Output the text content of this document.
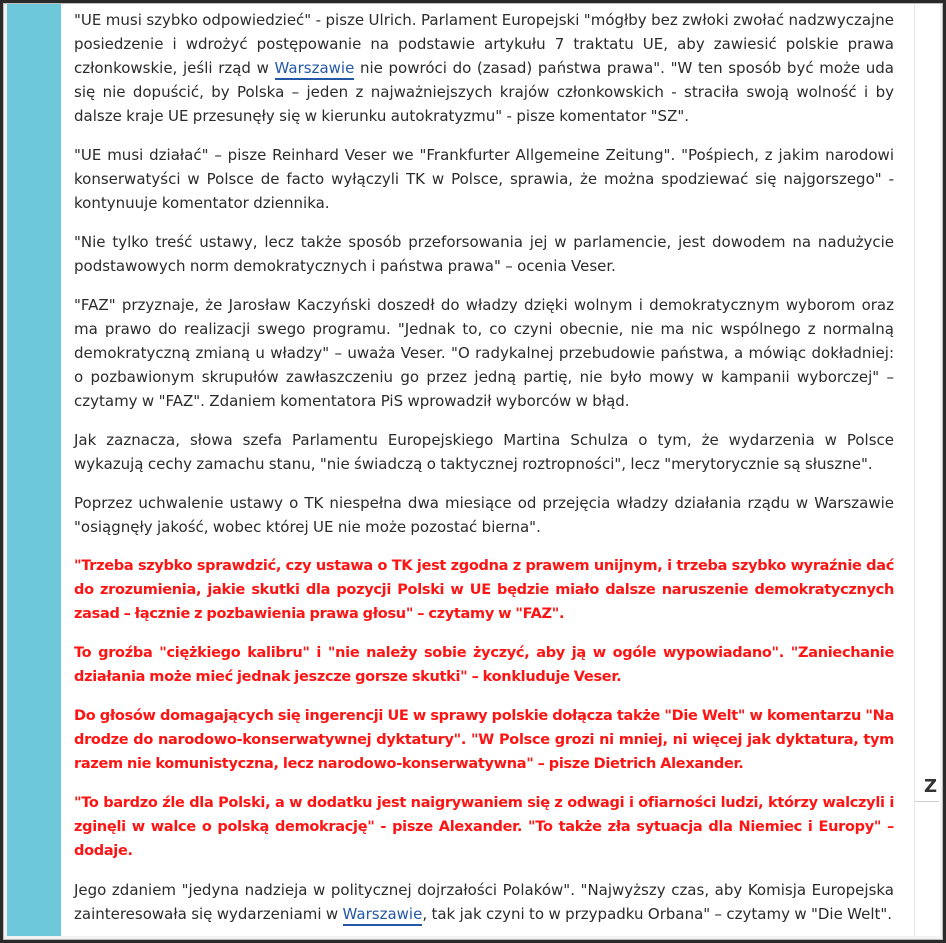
"UE musi szybko odpowiedzieć" - pisze Ulrich. Parlament Europejski "mógłby bez zwłoki zwołać nadzwyczajne posiedzenie i wdrożyć postępowanie na podstawie artykułu 7 traktatu UE, aby zawiesić polskie prawa członkowskie, jeśli rząd w Warszawie nie powróci do (zasad) państwa prawa". "W ten sposób być może uda się nie dopuścić, by Polska – jeden z najważniejszych krajów członkowskich - straciła swoją wolność i by dalsze kraje UE przesunęły się w kierunku autokratyzmu" - pisze komentator "SZ".

"UE musi działać" – pisze Reinhard Veser we "Frankfurter Allgemeine Zeitung". "Pośpiech, z jakim narodowi konserwatyści w Polsce de facto wyłączyli TK w Polsce, sprawia, że można spodziewać się najgorszego" - kontynuuje komentator dziennika.

"Nie tylko treść ustawy, lecz także sposób przeforsowania jej w parlamencie, jest dowodem na nadużycie podstawowych norm demokratycznych i państwa prawa" – ocenia Veser.

"FAZ" przyznaje, że Jarosław Kaczyński doszedł do władzy dzięki wolnym i demokratycznym wyborom oraz ma prawo do realizacji swego programu. "Jednak to, co czyni obecnie, nie ma nic wspólnego z normalną demokratyczną zmianą u władzy" – uważa Veser. "O radykalnej przebudowie państwa, a mówiąc dokładniej: o pozbawionym skrupułów zawłaszczeniu go przez jedną partię, nie było mowy w kampanii wyborczej" – czytamy w "FAZ". Zdaniem komentatora PiS wprowadził wyborców w błąd.

Jak zaznacza, słowa szefa Parlamentu Europejskiego Martina Schulza o tym, że wydarzenia w Polsce wykazują cechy zamachu stanu, "nie świadczą o taktycznej roztropności", lecz "merytorycznie są słuszne".

Poprzez uchwalenie ustawy o TK niespełna dwa miesiące od przejęcia władzy działania rządu w Warszawie "osiągnęły jakość, wobec której UE nie może pozostać bierna".

"Trzeba szybko sprawdzić, czy ustawa o TK jest zgodna z prawem unijnym, i trzeba szybko wyraźnie dać do zrozumienia, jakie skutki dla pozycji Polski w UE będzie miało dalsze naruszenie demokratycznych zasad – łącznie z pozbawienia prawa głosu" – czytamy w "FAZ".

To groźba "ciężkiego kalibru" i "nie należy sobie życzyć, aby ją w ogóle wypowiadano". "Zaniechanie działania może mieć jednak jeszcze gorsze skutki" – konkluduje Veser.

Do głosów domagających się ingerencji UE w sprawy polskie dołącza także "Die Welt" w komentarzu "Na drodze do narodowo-konserwatywnej dyktatury". "W Polsce grozi ni mniej, ni więcej jak dyktatura, tym razem nie komunistyczna, lecz narodowo-konserwatywna" – pisze Dietrich Alexander.

"To bardzo źle dla Polski, a w dodatku jest naigrywaniem się z odwagi i ofiarności ludzi, którzy walczyli i zginęli w walce o polską demokrację" - pisze Alexander. "To także zła sytuacja dla Niemiec i Europy" – dodaje.

Jego zdaniem "jedyna nadzieja w politycznej dojrzałości Polaków". "Najwyższy czas, aby Komisja Europejska zainteresowała się wydarzeniami w Warszawie, tak jak czyni to w przypadku Orbana" – czytamy w "Die Welt".

Z
